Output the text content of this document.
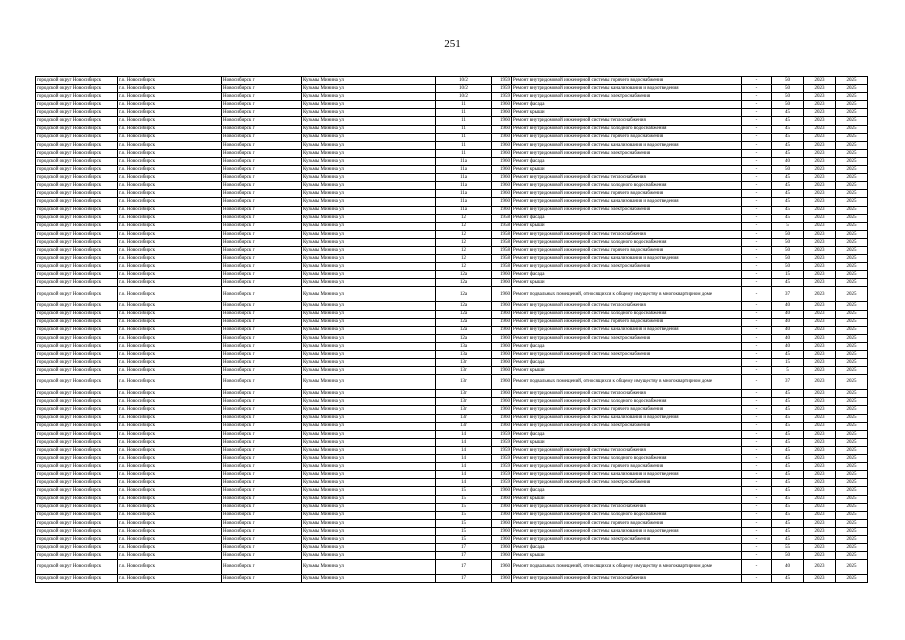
251
городской округ Новосибирск	г.о. Новосибирск	Новосибирск г	Кузьмы Минина ул	10/2	1959	Ремонт внутридомовой инженерной системы горячего водоснабжения	-	50	2023	2025
городской округ Новосибирск	г.о. Новосибирск	Новосибирск г	Кузьмы Минина ул	10/2	1959	Ремонт внутридомовой инженерной системы канализования и водоотведения	-	50	2023	2025
городской округ Новосибирск	г.о. Новосибирск	Новосибирск г	Кузьмы Минина ул	10/2	1959	Ремонт внутридомовой инженерной системы электроснабжения	-	50	2023	2025
городской округ Новосибирск	г.о. Новосибирск	Новосибирск г	Кузьмы Минина ул	11	1960	Ремонт фасада	-	50	2023	2025
городской округ Новосибирск	г.о. Новосибирск	Новосибирск г	Кузьмы Минина ул	11	1960	Ремонт крыши	-	45	2023	2025
городской округ Новосибирск	г.о. Новосибирск	Новосибирск г	Кузьмы Минина ул	11	1960	Ремонт внутридомовой инженерной системы теплоснабжения	-	45	2023	2025
городской округ Новосибирск	г.о. Новосибирск	Новосибирск г	Кузьмы Минина ул	11	1960	Ремонт внутридомовой инженерной системы холодного водоснабжения	-	45	2023	2025
городской округ Новосибирск	г.о. Новосибирск	Новосибирск г	Кузьмы Минина ул	11	1960	Ремонт внутридомовой инженерной системы горячего водоснабжения	-	45	2023	2025
городской округ Новосибирск	г.о. Новосибирск	Новосибирск г	Кузьмы Минина ул	11	1960	Ремонт внутридомовой инженерной системы канализования и водоотведения	-	45	2023	2025
городской округ Новосибирск	г.о. Новосибирск	Новосибирск г	Кузьмы Минина ул	11	1960	Ремонт внутридомовой инженерной системы электроснабжения	-	45	2023	2025
городской округ Новосибирск	г.о. Новосибирск	Новосибирск г	Кузьмы Минина ул	11а	1960	Ремонт фасада	-	40	2023	2025
городской округ Новосибирск	г.о. Новосибирск	Новосибирск г	Кузьмы Минина ул	11а	1960	Ремонт крыши	-	50	2023	2025
городской округ Новосибирск	г.о. Новосибирск	Новосибирск г	Кузьмы Минина ул	11а	1960	Ремонт внутридомовой инженерной системы теплоснабжения	-	45	2023	2025
городской округ Новосибирск	г.о. Новосибирск	Новосибирск г	Кузьмы Минина ул	11а	1960	Ремонт внутридомовой инженерной системы холодного водоснабжения	-	45	2023	2025
городской округ Новосибирск	г.о. Новосибирск	Новосибирск г	Кузьмы Минина ул	11а	1960	Ремонт внутридомовой инженерной системы горячего водоснабжения	-	45	2023	2025
городской округ Новосибирск	г.о. Новосибирск	Новосибирск г	Кузьмы Минина ул	11а	1960	Ремонт внутридомовой инженерной системы канализования и водоотведения	-	45	2023	2025
городской округ Новосибирск	г.о. Новосибирск	Новосибирск г	Кузьмы Минина ул	11а	1960	Ремонт внутридомовой инженерной системы электроснабжения	-	45	2023	2025
городской округ Новосибирск	г.о. Новосибирск	Новосибирск г	Кузьмы Минина ул	12	1958	Ремонт фасада	-	45	2023	2025
городской округ Новосибирск	г.о. Новосибирск	Новосибирск г	Кузьмы Минина ул	12	1958	Ремонт крыши	-	5	2023	2025
городской округ Новосибирск	г.о. Новосибирск	Новосибирск г	Кузьмы Минина ул	12	1958	Ремонт внутридомовой инженерной системы теплоснабжения	-	50	2023	2025
городской округ Новосибирск	г.о. Новосибирск	Новосибирск г	Кузьмы Минина ул	12	1958	Ремонт внутридомовой инженерной системы холодного водоснабжения	-	50	2023	2025
городской округ Новосибирск	г.о. Новосибирск	Новосибирск г	Кузьмы Минина ул	12	1958	Ремонт внутридомовой инженерной системы горячего водоснабжения	-	50	2023	2025
городской округ Новосибирск	г.о. Новосибирск	Новосибирск г	Кузьмы Минина ул	12	1958	Ремонт внутридомовой инженерной системы канализования и водоотведения	-	50	2023	2025
городской округ Новосибирск	г.о. Новосибирск	Новосибирск г	Кузьмы Минина ул	12	1958	Ремонт внутридомовой инженерной системы электроснабжения	-	50	2023	2025
городской округ Новосибирск	г.о. Новосибирск	Новосибирск г	Кузьмы Минина ул	12а	1960	Ремонт фасада	-	15	2023	2025
городской округ Новосибирск	г.о. Новосибирск	Новосибирск г	Кузьмы Минина ул	12а	1960	Ремонт крыши	-	45	2023	2025
городской округ Новосибирск	г.о. Новосибирск	Новосибирск г	Кузьмы Минина ул	12а	1960	Ремонт подвальных помещений, относящихся к общему имуществу в многоквартирном доме	-	37	2023	2025
городской округ Новосибирск	г.о. Новосибирск	Новосибирск г	Кузьмы Минина ул	12а	1960	Ремонт внутридомовой инженерной системы теплоснабжения	-	40	2023	2025
городской округ Новосибирск	г.о. Новосибирск	Новосибирск г	Кузьмы Минина ул	12а	1960	Ремонт внутридомовой инженерной системы холодного водоснабжения	-	40	2023	2025
городской округ Новосибирск	г.о. Новосибирск	Новосибирск г	Кузьмы Минина ул	12а	1960	Ремонт внутридомовой инженерной системы горячего водоснабжения	-	40	2023	2025
городской округ Новосибирск	г.о. Новосибирск	Новосибирск г	Кузьмы Минина ул	12а	1960	Ремонт внутридомовой инженерной системы канализования и водоотведения	-	40	2023	2025
городской округ Новосибирск	г.о. Новосибирск	Новосибирск г	Кузьмы Минина ул	12а	1960	Ремонт внутридомовой инженерной системы электроснабжения	-	40	2023	2025
городской округ Новосибирск	г.о. Новосибирск	Новосибирск г	Кузьмы Минина ул	13а	1960	Ремонт фасада	-	40	2023	2025
городской округ Новосибирск	г.о. Новосибирск	Новосибирск г	Кузьмы Минина ул	13а	1960	Ремонт внутридомовой инженерной системы электроснабжения	-	45	2023	2025
городской округ Новосибирск	г.о. Новосибирск	Новосибирск г	Кузьмы Минина ул	13г	1960	Ремонт фасада	-	15	2023	2025
городской округ Новосибирск	г.о. Новосибирск	Новосибирск г	Кузьмы Минина ул	13г	1960	Ремонт крыши	-	5	2023	2025
городской округ Новосибирск	г.о. Новосибирск	Новосибирск г	Кузьмы Минина ул	13г	1960	Ремонт подвальных помещений, относящихся к общему имуществу в многоквартирном доме	-	37	2023	2025
городской округ Новосибирск	г.о. Новосибирск	Новосибирск г	Кузьмы Минина ул	13г	1960	Ремонт внутридомовой инженерной системы теплоснабжения	-	45	2023	2025
городской округ Новосибирск	г.о. Новосибирск	Новосибирск г	Кузьмы Минина ул	13г	1960	Ремонт внутридомовой инженерной системы холодного водоснабжения	-	45	2023	2025
городской округ Новосибирск	г.о. Новосибирск	Новосибирск г	Кузьмы Минина ул	13г	1960	Ремонт внутридомовой инженерной системы горячего водоснабжения	-	45	2023	2025
городской округ Новосибирск	г.о. Новосибирск	Новосибирск г	Кузьмы Минина ул	13г	1960	Ремонт внутридомовой инженерной системы канализования и водоотведения	-	45	2023	2025
городской округ Новосибирск	г.о. Новосибирск	Новосибирск г	Кузьмы Минина ул	13г	1960	Ремонт внутридомовой инженерной системы электроснабжения	-	45	2023	2025
городской округ Новосибирск	г.о. Новосибирск	Новосибирск г	Кузьмы Минина ул	14	1959	Ремонт фасада	-	45	2023	2025
городской округ Новосибирск	г.о. Новосибирск	Новосибирск г	Кузьмы Минина ул	14	1959	Ремонт крыши	-	45	2023	2025
городской округ Новосибирск	г.о. Новосибирск	Новосибирск г	Кузьмы Минина ул	14	1959	Ремонт внутридомовой инженерной системы теплоснабжения	-	45	2023	2025
городской округ Новосибирск	г.о. Новосибирск	Новосибирск г	Кузьмы Минина ул	14	1959	Ремонт внутридомовой инженерной системы холодного водоснабжения	-	45	2023	2025
городской округ Новосибирск	г.о. Новосибирск	Новосибирск г	Кузьмы Минина ул	14	1959	Ремонт внутридомовой инженерной системы горячего водоснабжения	-	45	2023	2025
городской округ Новосибирск	г.о. Новосибирск	Новосибирск г	Кузьмы Минина ул	14	1959	Ремонт внутридомовой инженерной системы канализования и водоотведения	-	45	2023	2025
городской округ Новосибирск	г.о. Новосибирск	Новосибирск г	Кузьмы Минина ул	14	1959	Ремонт внутридомовой инженерной системы электроснабжения	-	45	2023	2025
городской округ Новосибирск	г.о. Новосибирск	Новосибирск г	Кузьмы Минина ул	15	1960	Ремонт фасада	-	45	2023	2025
городской округ Новосибирск	г.о. Новосибирск	Новосибирск г	Кузьмы Минина ул	15	1960	Ремонт крыши	-	45	2023	2025
городской округ Новосибирск	г.о. Новосибирск	Новосибирск г	Кузьмы Минина ул	15	1960	Ремонт внутридомовой инженерной системы теплоснабжения	-	45	2023	2025
городской округ Новосибирск	г.о. Новосибирск	Новосибирск г	Кузьмы Минина ул	15	1960	Ремонт внутридомовой инженерной системы холодного водоснабжения	-	45	2023	2025
городской округ Новосибирск	г.о. Новосибирск	Новосибирск г	Кузьмы Минина ул	15	1960	Ремонт внутридомовой инженерной системы горячего водоснабжения	-	45	2023	2025
городской округ Новосибирск	г.о. Новосибирск	Новосибирск г	Кузьмы Минина ул	15	1960	Ремонт внутридомовой инженерной системы канализования и водоотведения	-	45	2023	2025
городской округ Новосибирск	г.о. Новосибирск	Новосибирск г	Кузьмы Минина ул	15	1960	Ремонт внутридомовой инженерной системы электроснабжения	-	45	2023	2025
городской округ Новосибирск	г.о. Новосибирск	Новосибирск г	Кузьмы Минина ул	17	1960	Ремонт фасада	-	55	2023	2025
городской округ Новосибирск	г.о. Новосибирск	Новосибирск г	Кузьмы Минина ул	17	1960	Ремонт крыши	-	50	2023	2025
городской округ Новосибирск	г.о. Новосибирск	Новосибирск г	Кузьмы Минина ул	17	1960	Ремонт подвальных помещений, относящихся к общему имуществу в многоквартирном доме	-	40	2023	2025
городской округ Новосибирск	г.о. Новосибирск	Новосибирск г	Кузьмы Минина ул	17	1960	Ремонт внутридомовой инженерной системы теплоснабжения	-	45	2023	2025
